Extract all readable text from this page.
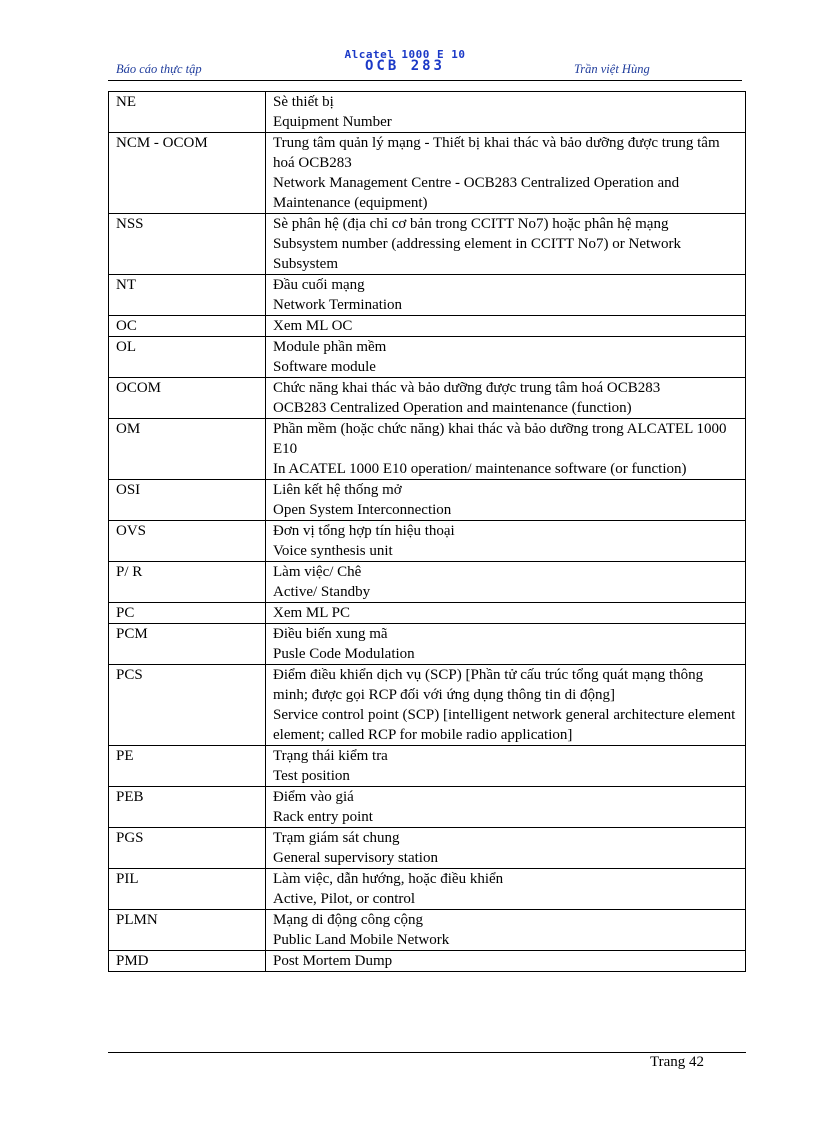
Báo cáo thực tập
Alcatel 1000 E 10
OCB 283	Trần việt Hùng
NE	Sè thiết bị
Equipment Number

NCM - OCOM	Trung tâm quản lý mạng - Thiết bị khai thác và bảo dưỡng được trung tâm hoá OCB283
Network Management Centre - OCB283 Centralized Operation and Maintenance (equipment)

NSS	Sè phân hệ (địa chỉ cơ bản trong CCITT No7) hoặc phân hệ mạng
Subsystem number (addressing element in CCITT No7) or Network Subsystem

NT	Đầu cuối mạng
Network Termination

OC	Xem ML OC

OL	Module phần mềm
Software module

OCOM	Chức năng khai thác và bảo dưỡng được trung tâm hoá OCB283
OCB283 Centralized Operation and maintenance (function)

OM	Phần mềm (hoặc chức năng) khai thác và bảo dưỡng trong ALCATEL 1000 E10
In ACATEL 1000 E10 operation/ maintenance software (or function)

OSI	Liên kết hệ thống mở
Open System Interconnection

OVS	Đơn vị tổng hợp tín hiệu thoại
Voice synthesis unit

P/ R	Làm việc/ Chê
Active/ Standby

PC	Xem ML PC

PCM	Điều biến xung mã
Pusle Code Modulation

PCS	Điểm điều khiển dịch vụ (SCP) [Phần tử cấu trúc tổng quát mạng thông minh; được gọi RCP đối với ứng dụng thông tin di động]
Service control point (SCP) [intelligent network general architecture element element; called RCP for mobile radio application]

PE	Trạng thái kiểm tra
Test position

PEB	Điểm vào giá
Rack entry point

PGS	Trạm giám sát chung
General supervisory station

PIL	Làm việc, dẫn hướng, hoặc điều khiển
Active, Pilot, or control

PLMN	Mạng di động công cộng
Public Land Mobile Network

PMD	Post Mortem Dump
Trang 42
